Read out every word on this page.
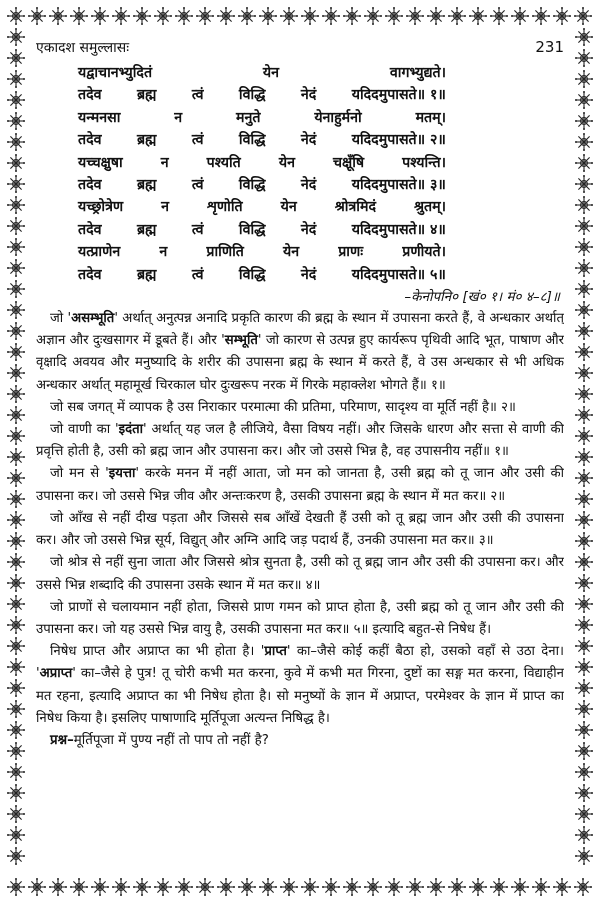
एकादश समुल्लासः	231
यद्वाचानभ्युदितं	येन	वागभ्युद्यते।
तदेव ब्रह्म त्वं विद्धि नेदं यदिदमुपासते॥ १॥
यन्मनसा	न	मनुते	येनाहुर्मनो	मतम्।
तदेव ब्रह्म त्वं विद्धि नेदं यदिदमुपासते॥ २॥
यच्चक्षुषा	न	पश्यति	येन	चक्षूँषि	पश्यन्ति।
तदेव ब्रह्म त्वं विद्धि नेदं यदिदमुपासते॥ ३॥
यच्छ्रोत्रेण	न	शृणोति	येन	श्रोत्रमिदं	श्रुतम्।
तदेव ब्रह्म त्वं विद्धि नेदं यदिदमुपासते॥ ४॥
यत्प्राणेन	न	प्राणिति	येन	प्राणः	प्रणीयते।
तदेव ब्रह्म त्वं विद्धि नेदं यदिदमुपासते॥ ५॥
–केनोपनि० [खं० १। मं० ४–८]॥

जो 'असम्भूति' अर्थात् अनुत्पन्न अनादि प्रकृति कारण की ब्रह्म के स्थान में उपासना करते हैं, वे अन्धकार अर्थात् अज्ञान और दुःखसागर में डूबते हैं। और 'सम्भूति' जो कारण से उत्पन्न हुए कार्यरूप पृथिवी आदि भूत, पाषाण और वृक्षादि अवयव और मनुष्यादि के शरीर की उपासना ब्रह्म के स्थान में करते हैं, वे उस अन्धकार से भी अधिक अन्धकार अर्थात् महामूर्ख चिरकाल घोर दुःखरूप नरक में गिरके महाक्लेश भोगते हैं॥ १॥

जो सब जगत् में व्यापक है उस निराकार परमात्मा की प्रतिमा, परिमाण, सादृश्य वा मूर्ति नहीं है॥ २॥

जो वाणी का 'इदंता' अर्थात् यह जल है लीजिये, वैसा विषय नहीं। और जिसके धारण और सत्ता से वाणी की प्रवृत्ति होती है, उसी को ब्रह्म जान और उपासना कर। और जो उससे भिन्न है, वह उपासनीय नहीं॥ १॥

जो मन से 'इयत्ता' करके मनन में नहीं आता, जो मन को जानता है, उसी ब्रह्म को तू जान और उसी की उपासना कर। जो उससे भिन्न जीव और अन्तःकरण है, उसकी उपासना ब्रह्म के स्थान में मत कर॥ २॥

जो आँख से नहीं दीख पड़ता और जिससे सब आँखें देखती हैं उसी को तू ब्रह्म जान और उसी की उपासना कर। और जो उससे भिन्न सूर्य, विद्युत् और अग्नि आदि जड़ पदार्थ हैं, उनकी उपासना मत कर॥ ३॥

जो श्रोत्र से नहीं सुना जाता और जिससे श्रोत्र सुनता है, उसी को तू ब्रह्म जान और उसी की उपासना कर। और उससे भिन्न शब्दादि की उपासना उसके स्थान में मत कर॥ ४॥

जो प्राणों से चलायमान नहीं होता, जिससे प्राण गमन को प्राप्त होता है, उसी ब्रह्म को तू जान और उसी की उपासना कर। जो यह उससे भिन्न वायु है, उसकी उपासना मत कर॥ ५॥ इत्यादि बहुत-से निषेध हैं।

निषेध प्राप्त और अप्राप्त का भी होता है। 'प्राप्त' का–जैसे कोई कहीं बैठा हो, उसको वहाँ से उठा देना। 'अप्राप्त' का–जैसे हे पुत्र! तू चोरी कभी मत करना, कुवे में कभी मत गिरना, दुष्टों का सङ्ग मत करना, विद्याहीन मत रहना, इत्यादि अप्राप्त का भी निषेध होता है। सो मनुष्यों के ज्ञान में अप्राप्त, परमेश्वर के ज्ञान में प्राप्त का निषेध किया है। इसलिए पाषाणादि मूर्तिपूजा अत्यन्त निषिद्ध है।

प्रश्न–मूर्तिपूजा में पुण्य नहीं तो पाप तो नहीं है?
